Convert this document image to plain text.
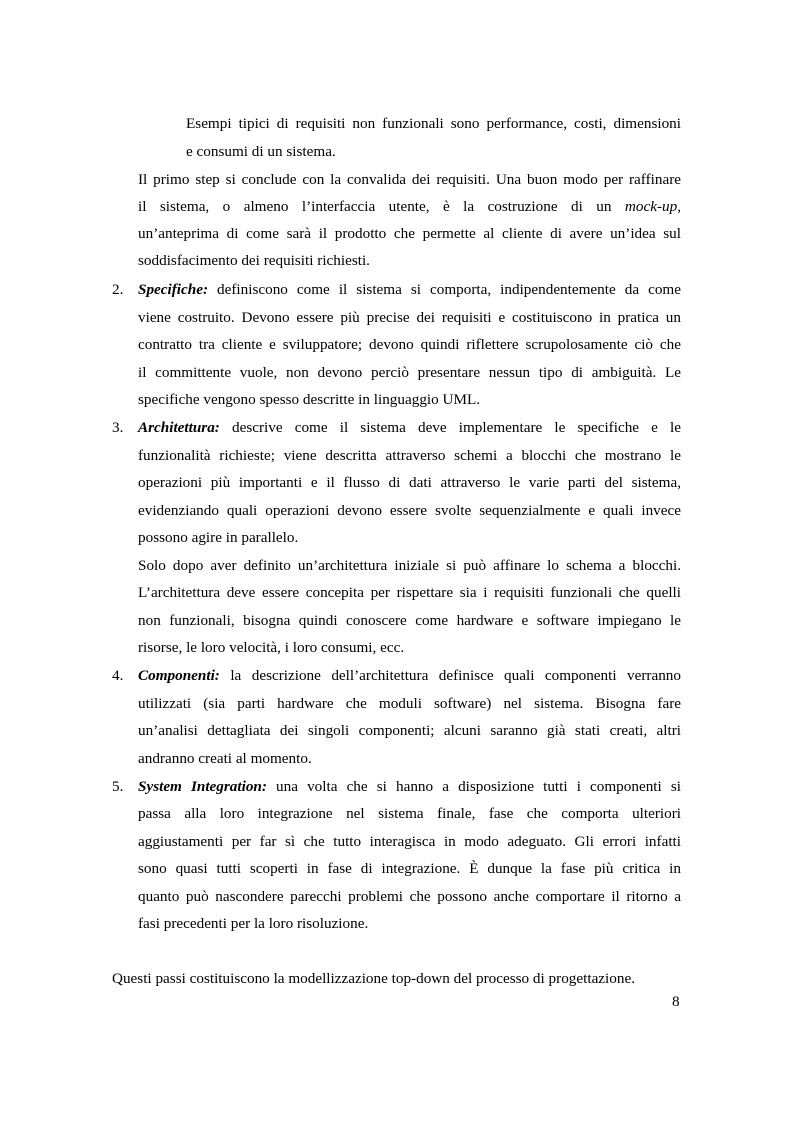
Esempi tipici di requisiti non funzionali sono performance, costi, dimensioni
e consumi di un sistema.
Il primo step si conclude con la convalida dei requisiti. Una buon modo per raffinare
il sistema, o almeno l’interfaccia utente, è la costruzione di un mock-up,
un’anteprima di come sarà il prodotto che permette al cliente di avere un’idea sul
soddisfacimento dei requisiti richiesti.
2. Specifiche: definiscono come il sistema si comporta, indipendentemente da come
viene costruito. Devono essere più precise dei requisiti e costituiscono in pratica un
contratto tra cliente e sviluppatore; devono quindi riflettere scrupolosamente ciò che
il committente vuole, non devono perciò presentare nessun tipo di ambiguità. Le
specifiche vengono spesso descritte in linguaggio UML.
3. Architettura: descrive come il sistema deve implementare le specifiche e le
funzionalità richieste; viene descritta attraverso schemi a blocchi che mostrano le
operazioni più importanti e il flusso di dati attraverso le varie parti del sistema,
evidenziando quali operazioni devono essere svolte sequenzialmente e quali invece
possono agire in parallelo.
Solo dopo aver definito un’architettura iniziale si può affinare lo schema a blocchi.
L’architettura deve essere concepita per rispettare sia i requisiti funzionali che quelli
non funzionali, bisogna quindi conoscere come hardware e software impiegano le
risorse, le loro velocità, i loro consumi, ecc.
4. Componenti: la descrizione dell’architettura definisce quali componenti verranno
utilizzati (sia parti hardware che moduli software) nel sistema. Bisogna fare
un’analisi dettagliata dei singoli componenti; alcuni saranno già stati creati, altri
andranno creati al momento.
5. System Integration: una volta che si hanno a disposizione tutti i componenti si
passa alla loro integrazione nel sistema finale, fase che comporta ulteriori
aggiustamenti per far sì che tutto interagisca in modo adeguato. Gli errori infatti
sono quasi tutti scoperti in fase di integrazione. È dunque la fase più critica in
quanto può nascondere parecchi problemi che possono anche comportare il ritorno a
fasi precedenti per la loro risoluzione.
Questi passi costituiscono la modellizzazione top-down del processo di progettazione.
8
